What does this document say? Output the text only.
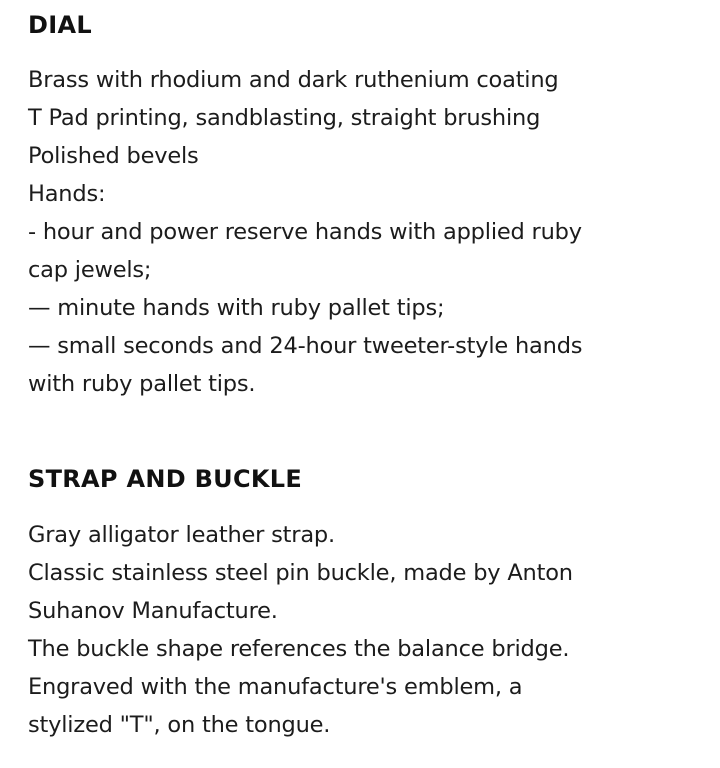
DIAL
Brass with rhodium and dark ruthenium coating
T Pad printing, sandblasting, straight brushing
Polished bevels
Hands:
- hour and power reserve hands with applied ruby
cap jewels;
— minute hands with ruby pallet tips;
— small seconds and 24-hour tweeter-style hands
with ruby pallet tips.
STRAP AND BUCKLE
Gray alligator leather strap.
Classic stainless steel pin buckle, made by Anton
Suhanov Manufacture.
The buckle shape references the balance bridge.
Engraved with the manufacture's emblem, a
stylized "T", on the tongue.
